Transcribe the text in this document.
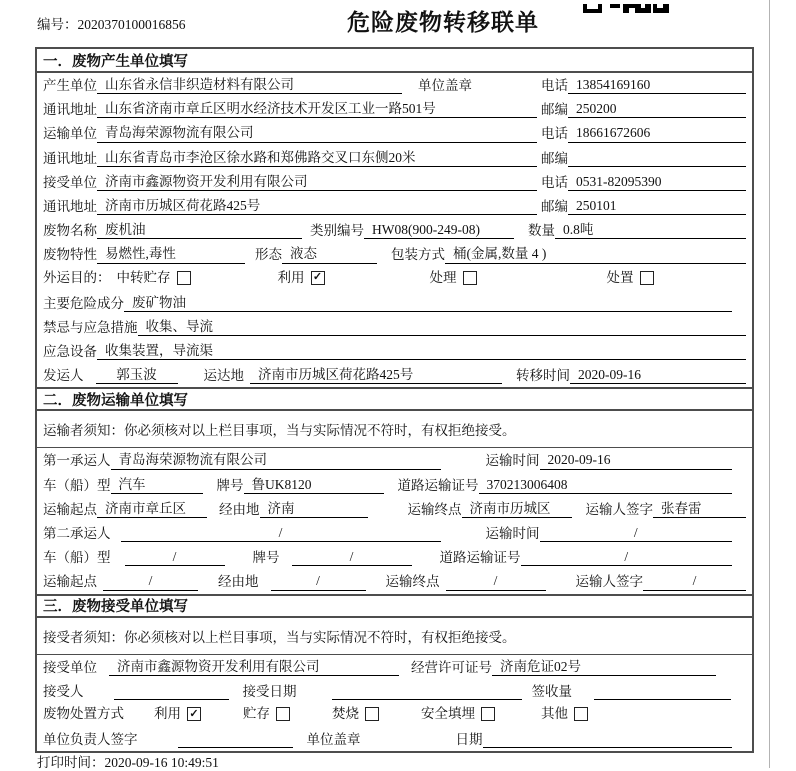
编号：2020370100016856	危险废物转移联单
一．废物产生单位填写
产生单位 山东省永信非织造材料有限公司	单位盖章	电话 13854169160
通讯地址 山东省济南市章丘区明水经济技术开发区工业一路501号	邮编 250200
运输单位 青岛海荣源物流有限公司	电话 18661672606
通讯地址 山东省青岛市李沧区徐水路和郑佛路交叉口东侧20米	邮编
接受单位 济南市鑫源物资开发利用有限公司	电话 0531-82095390
通讯地址 济南市历城区荷花路425号	邮编 250101
废物名称 废机油	类别编号 HW08(900-249-08)	数量 0.8吨
废物特性 易燃性,毒性	形态 液态	包装方式 桶(金属,数量 4 )
外运目的： 中转贮存	利用 ✓	处理	处置
主要危险成分 废矿物油
禁忌与应急措施 收集、导流
应急设备 收集装置，导流渠
发运人	郭玉波	运达地	济南市历城区荷花路425号	转移时间 2020-09-16
二．废物运输单位填写
运输者须知：你必须核对以上栏目事项，当与实际情况不符时，有权拒绝接受。
第一承运人 青岛海荣源物流有限公司	运输时间 2020-09-16
车（船）型 汽车	牌号 鲁UK8120	道路运输证号 370213006408
运输起点 济南市章丘区	经由地 济南	运输终点 济南市历城区	运输人签字 张春雷
第二承运人	/	运输时间	/
车（船）型	/	牌号	/	道路运输证号	/
运输起点	/	经由地	/	运输终点	/	运输人签字	/
三．废物接受单位填写
接受者须知：你必须核对以上栏目事项，当与实际情况不符时，有权拒绝接受。
接受单位	济南市鑫源物资开发利用有限公司	经营许可证号 济南危证02号
接受人	接受日期	签收量
废物处置方式 利用 ✓	贮存	焚烧	安全填埋	其他
单位负责人签字	单位盖章	日期
打印时间：2020-09-16 10:49:51
